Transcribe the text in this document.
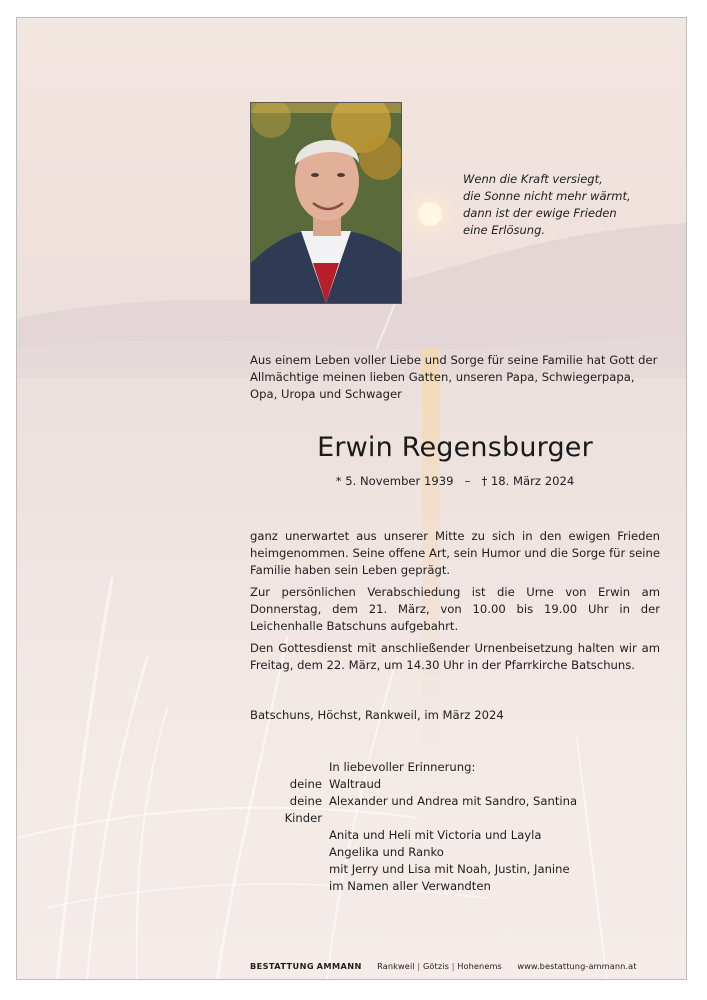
Wenn die Kraft versiegt,
die Sonne nicht mehr wärmt,
dann ist der ewige Frieden
eine Erlösung.
Aus einem Leben voller Liebe und Sorge für seine Familie hat Gott der Allmächtige meinen lieben Gatten, unseren Papa, Schwiegerpapa, Opa, Uropa und Schwager
Erwin Regensburger
* 5. November 1939   –   † 18. März 2024

ganz unerwartet aus unserer Mitte zu sich in den ewigen Frieden heimgenommen. Seine offene Art, sein Humor und die Sorge für seine Familie haben sein Leben geprägt.

Zur persönlichen Verabschiedung ist die Urne von Erwin am Donnerstag, dem 21. März, von 10.00 bis 19.00 Uhr in der Leichenhalle Batschuns aufgebahrt.

Den Gottesdienst mit anschließender Urnenbeisetzung halten wir am Freitag, dem 22. März, um 14.30 Uhr in der Pfarrkirche Batschuns.

Batschuns, Höchst, Rankweil, im März 2024
In liebevoller Erinnerung:
deine Waltraud
deine Kinder
Alexander und Andrea mit Sandro, Santina
Anita und Heli mit Victoria und Layla
Angelika und Ranko
mit Jerry und Lisa mit Noah, Justin, Janine
im Namen aller Verwandten
BESTATTUNG AMMANN Rankweil | Götzis | Hohenems www.bestattung-ammann.at
